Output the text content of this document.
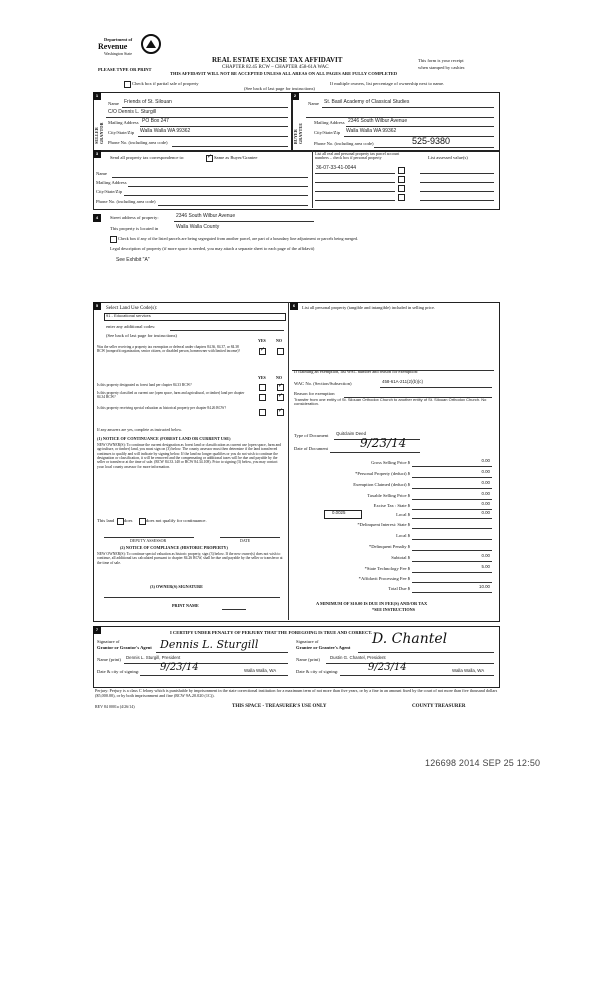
Department of
Revenue
Washington State
PLEASE TYPE OR PRINT
REAL ESTATE EXCISE TAX AFFIDAVIT
CHAPTER 82.45 RCW – CHAPTER 458-61A WAC
THIS AFFIDAVIT WILL NOT BE ACCEPTED UNLESS ALL AREAS ON ALL PAGES ARE FULLY COMPLETED
This form is your receipt
when stamped by cashier.
Check box if partial sale of property
(See back of last page for instructions)
If multiple owners, list percentage of ownership next to name.
1
SELLER GRANTOR
Name Friends of St. Silouan
C/O Dennis L. Sturgill
Mailing Address PO Box 247
City/State/Zip Walla Walla WA 99362
Phone No. (including area code)
2
BUYER GRANTEE
Name St. Basil Academy of Classical Studies
Mailing Address 2346 South Wilbur Avenue
City/State/Zip Walla Walla WA 99362
Phone No. (including area code)	525-9380
3
Send all property tax correspondence to:
✓	Same as Buyer/Grantee
List all real and personal property tax parcel account numbers – check box if personal property	List assessed value(s)
Name
Mailing Address
City/State/Zip
Phone No. (including area code)
36-07-33-41-0044
4	Street address of property:	2346 South Wilbur Avenue
This property is located in	Walla Walla County
Check box if any of the listed parcels are being segregated from another parcel, are part of a boundary line adjustment or parcels being merged.
Legal description of property (if more space is needed, you may attach a separate sheet to each page of the affidavit)
See Exhibit "A"
5
Select Land Use Code(s):
91 - Educational services
enter any additional codes:
(See back of last page for instructions)
YES	NO
Was the seller receiving a property tax exemption or deferral under chapters 84.36, 84.37, or 84.38 RCW (nonprofit organization, senior citizen, or disabled person, homeowner with limited income)?
✓
YES	NO
Is this property designated as forest land per chapter 84.33 RCW?
✓
Is this property classified as current use (open space, farm and agricultural, or timber) land per chapter 84.34 RCW?
✓
Is this property receiving special valuation as historical property per chapter 84.26 RCW?
✓
If any answers are yes, complete as instructed below.
(1) NOTICE OF CONTINUANCE (FOREST LAND OR CURRENT USE)
NEW OWNER(S): To continue the current designation as forest land or classification as current use (open space, farm and agriculture, or timber) land, you must sign on (3) below. The county assessor must then determine if the land transferred continues to qualify and will indicate by signing below. If the land no longer qualifies or you do not wish to continue the designation or classification, it will be removed and the compensating or additional taxes will be due and payable by the seller or transferor at the time of sale. (RCW 84.33.140 or RCW 84.34.108). Prior to signing (3) below, you may contact your local county assessor for more information.
This land does	does not qualify for continuance.
DEPUTY ASSESSOR	DATE
(2) NOTICE OF COMPLIANCE (HISTORIC PROPERTY)
NEW OWNER(S): To continue special valuation as historic property, sign (3) below. If the new owner(s) does not wish to continue, all additional tax calculated pursuant to chapter 84.26 RCW, shall be due and payable by the seller or transferor at the time of sale.
(3) OWNER(S) SIGNATURE
PRINT NAME
6	List all personal property (tangible and intangible) included in selling price.
If claiming an exemption, list WAC number and reason for exemption:
WAC No. (Section/Subsection)	458-61A-211(2)(b)(c)
Reason for exemption
Transfer from one entity of St. Silouan Orthodox Church to another entity of St. Silouan Orthodox Church. No consideration.
Type of Document Quitclaim Deed
Date of Document	9/23/14
Gross Selling Price $	0.00
*Personal Property (deduct) $	0.00
Exemption Claimed (deduct) $	0.00
Taxable Selling Price $	0.00
Excise Tax : State $	0.00
0.0025	Local $	0.00
*Delinquent Interest: State $
Local $
*Delinquent Penalty $
Subtotal $	0.00
*State Technology Fee $	5.00
*Affidavit Processing Fee $
Total Due $	10.00
A MINIMUM OF $10.00 IS DUE IN FEE(S) AND/OR TAX
*SEE INSTRUCTIONS
7
I CERTIFY UNDER PENALTY OF PERJURY THAT THE FOREGOING IS TRUE AND CORRECT.
Signature of
Grantor or Grantor's Agent Dennis L. Sturgill
Name (print) Dennis L. Sturgill, President
Date & city of signing: 9/23/14	Walla Walla, WA
Signature of
Grantee or Grantee's Agent
D. Chantel
Name (print) Dustin G. Chantel, President
Date & city of signing:	9/23/14	Walla Walla, WA
Perjury: Perjury is a class C felony which is punishable by imprisonment in the state correctional institution for a maximum term of not more than five years, or by a fine in an amount fixed by the court of not more than five thousand dollars ($5,000.00), or by both imprisonment and fine (RCW 9A.20.020 (1C)).
REV 84 0001a (4/26/14)	THIS SPACE - TREASURER'S USE ONLY	COUNTY TREASURER
126698 2014 SEP 25 12:50
